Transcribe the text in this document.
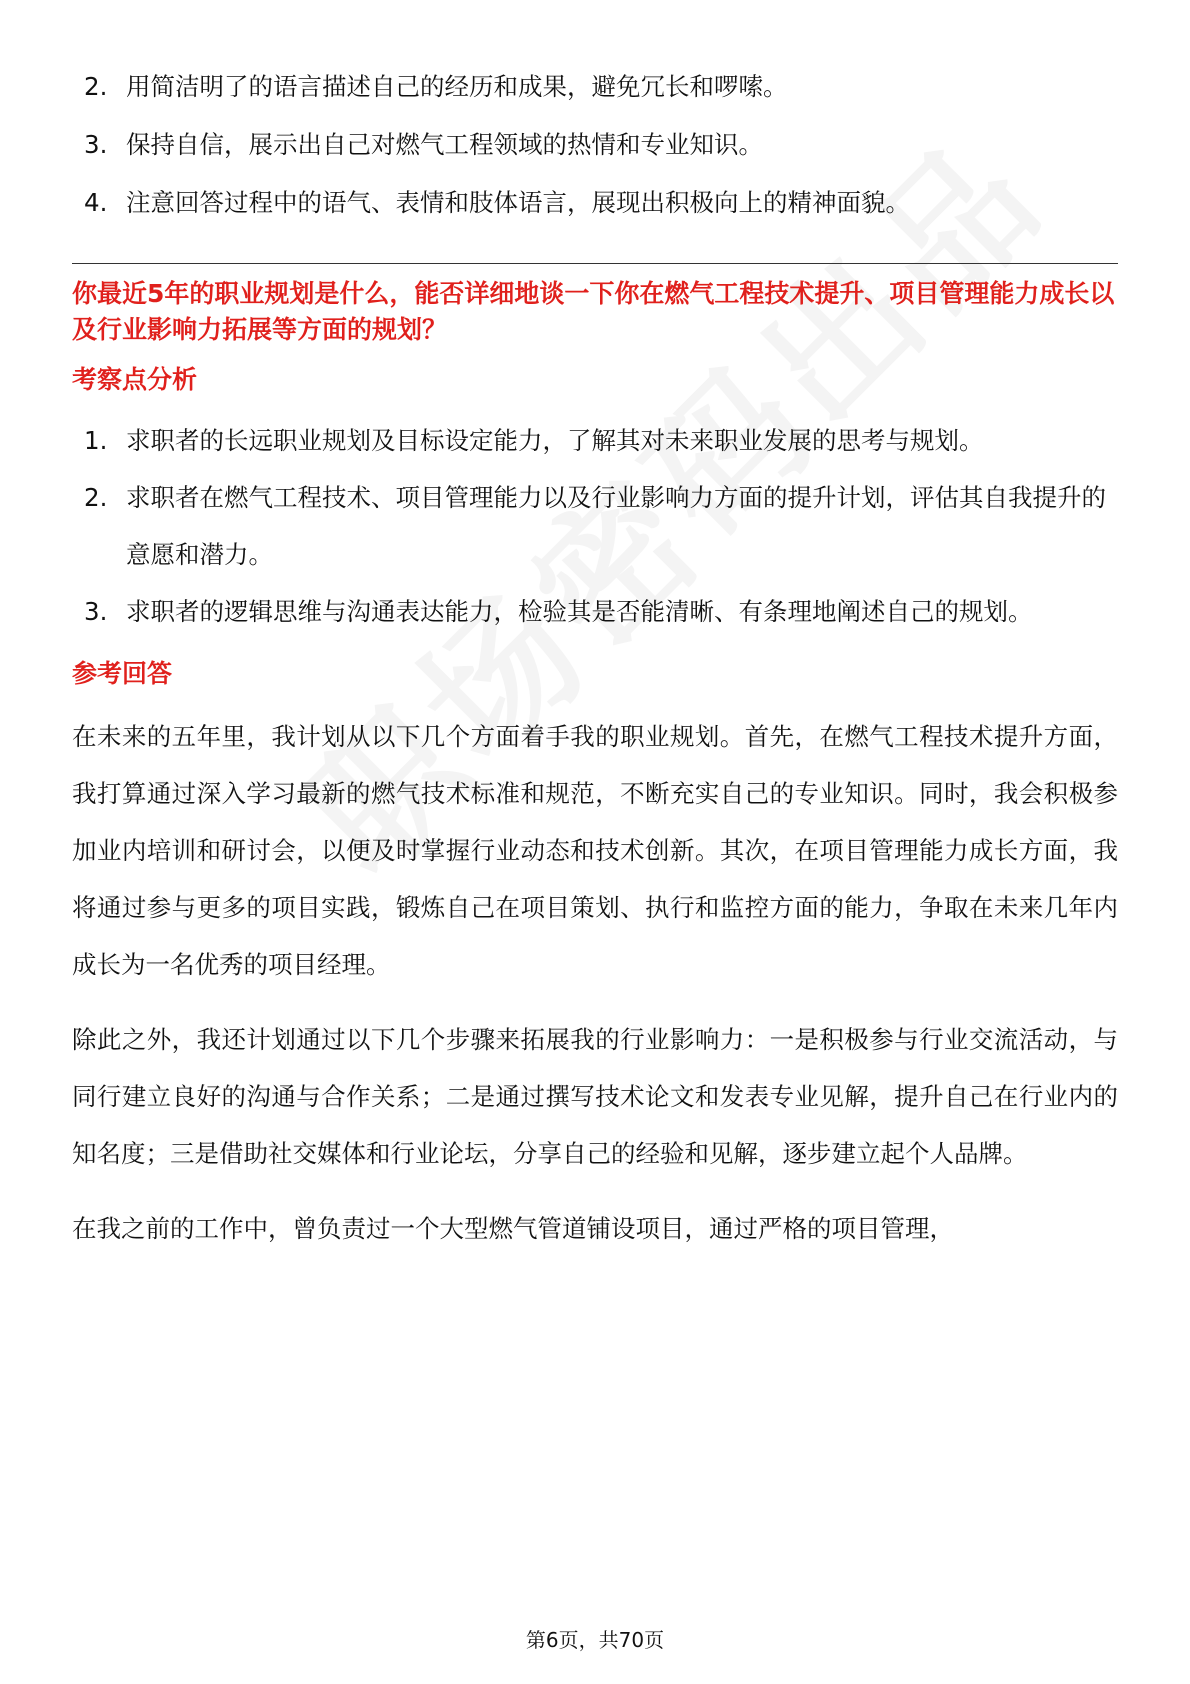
2. 用简洁明了的语言描述自己的经历和成果，避免冗长和啰嗦。
3. 保持自信，展示出自己对燃气工程领域的热情和专业知识。
4. 注意回答过程中的语气、表情和肢体语言，展现出积极向上的精神面貌。
你最近5年的职业规划是什么，能否详细地谈一下你在燃气工程技术提升、项目管理能力成长以及行业影响力拓展等方面的规划？
考察点分析
1. 求职者的长远职业规划及目标设定能力，了解其对未来职业发展的思考与规划。
2. 求职者在燃气工程技术、项目管理能力以及行业影响力方面的提升计划，评估其自我提升的意愿和潜力。
3. 求职者的逻辑思维与沟通表达能力，检验其是否能清晰、有条理地阐述自己的规划。
参考回答

在未来的五年里，我计划从以下几个方面着手我的职业规划。首先，在燃气工程技术提升方面，我打算通过深入学习最新的燃气技术标准和规范，不断充实自己的专业知识。同时，我会积极参加业内培训和研讨会，以便及时掌握行业动态和技术创新。其次，在项目管理能力成长方面，我将通过参与更多的项目实践，锻炼自己在项目策划、执行和监控方面的能力，争取在未来几年内成长为一名优秀的项目经理。

除此之外，我还计划通过以下几个步骤来拓展我的行业影响力：一是积极参与行业交流活动，与同行建立良好的沟通与合作关系；二是通过撰写技术论文和发表专业见解，提升自己在行业内的知名度；三是借助社交媒体和行业论坛，分享自己的经验和见解，逐步建立起个人品牌。

在我之前的工作中，曾负责过一个大型燃气管道铺设项目，通过严格的项目管理，

第6页，共70页
